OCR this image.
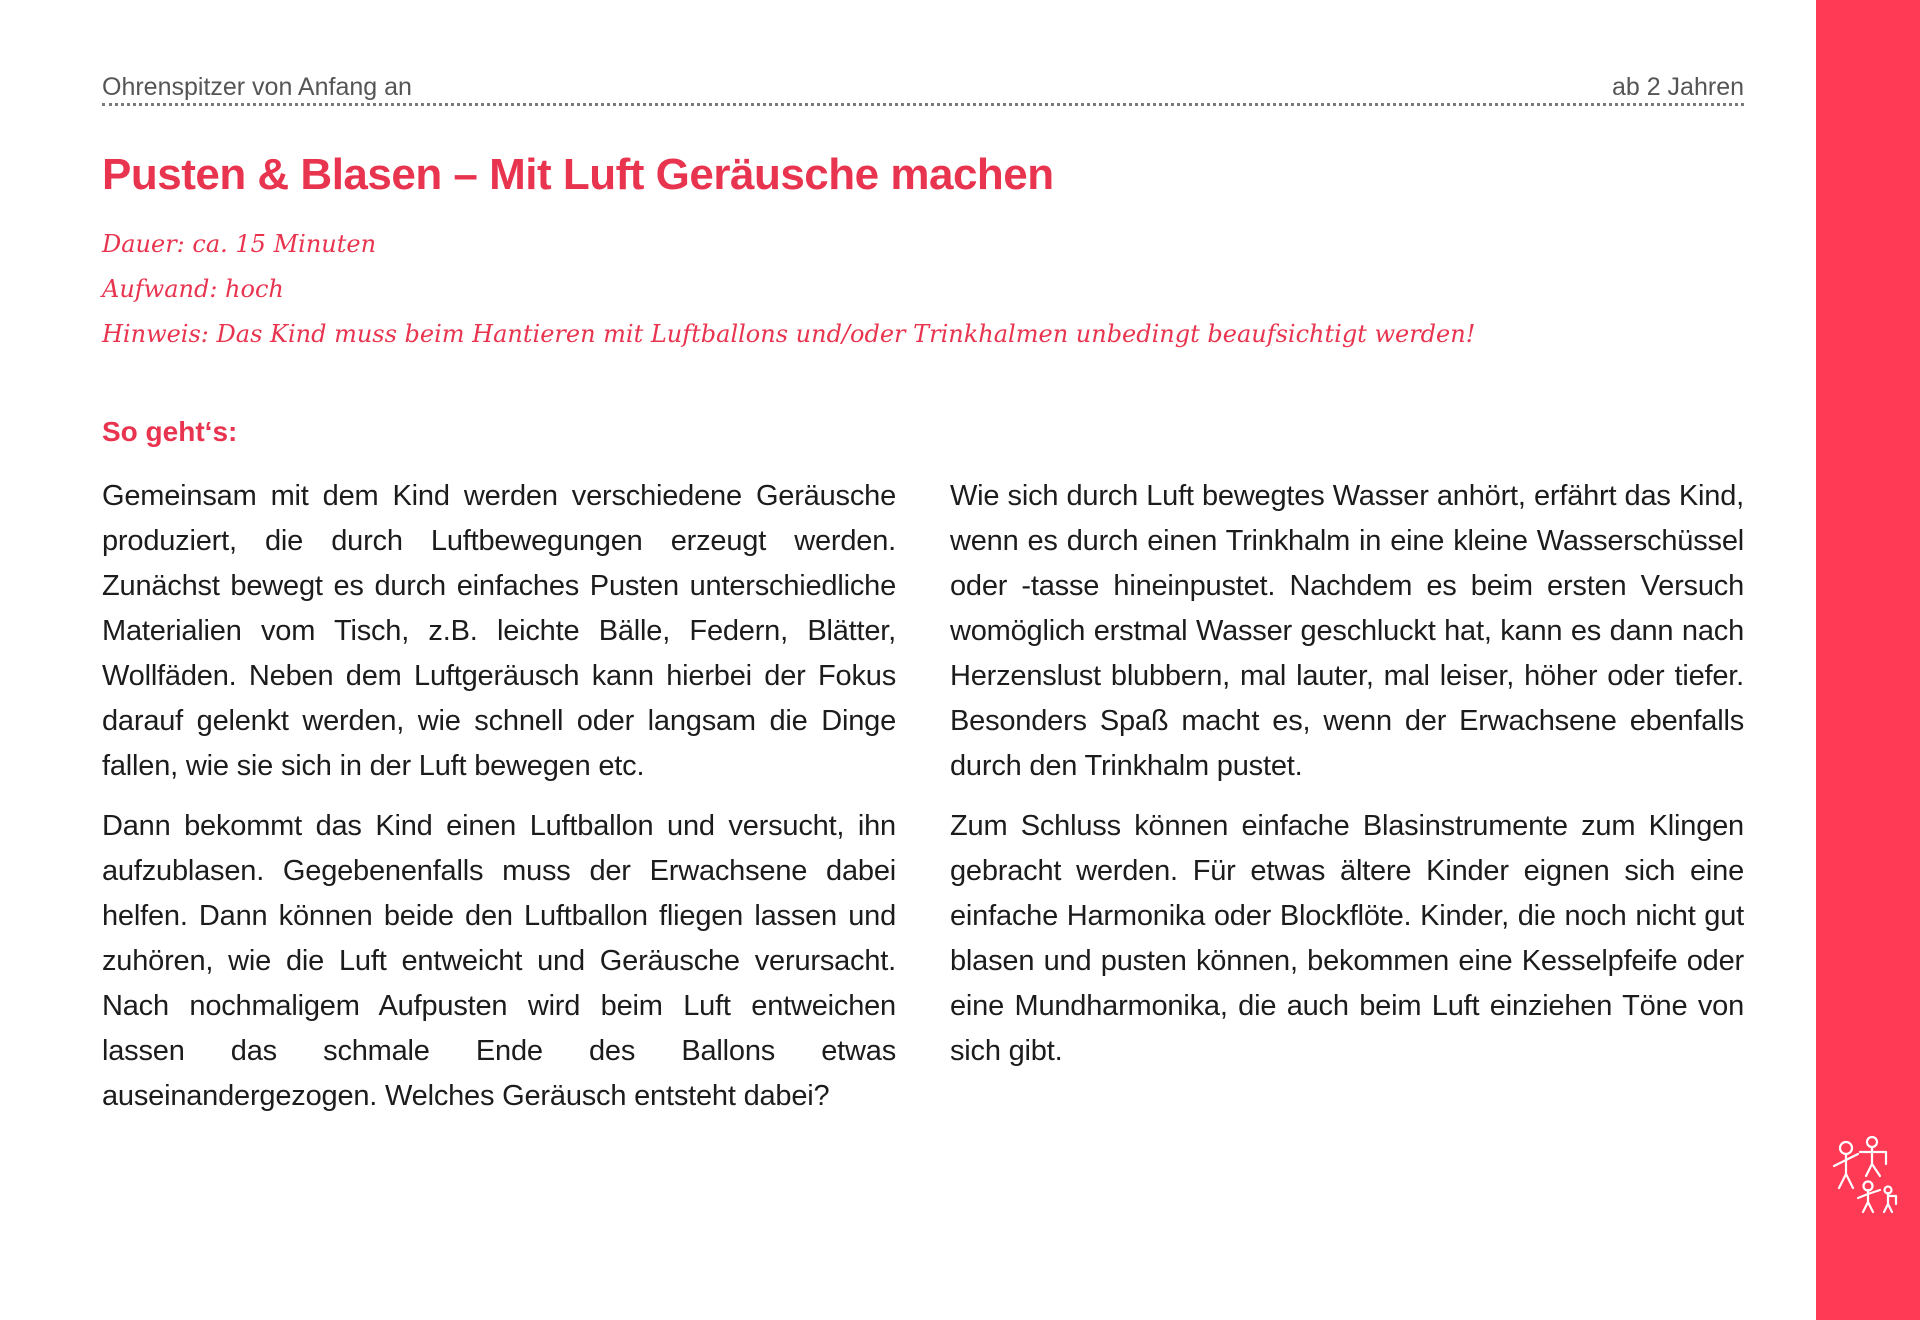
Ohrenspitzer von Anfang an	ab 2 Jahren
Pusten & Blasen – Mit Luft Geräusche machen
Dauer: ca. 15 Minuten
Aufwand: hoch
Hinweis: Das Kind muss beim Hantieren mit Luftballons und/oder Trinkhalmen unbedingt beaufsichtigt werden!
So geht‘s:

Gemeinsam mit dem Kind werden verschiedene Geräusche produziert, die durch Luftbewegungen erzeugt werden. Zunächst bewegt es durch einfaches Pusten unterschiedliche Materialien vom Tisch, z.B. leichte Bälle, Federn, Blätter, Wollfäden. Neben dem Luftgeräusch kann hierbei der Fokus darauf gelenkt werden, wie schnell oder langsam die Dinge fallen, wie sie sich in der Luft bewegen etc.

Dann bekommt das Kind einen Luftballon und versucht, ihn aufzublasen. Gegebenenfalls muss der Erwachsene dabei helfen. Dann können beide den Luftballon fliegen lassen und zuhören, wie die Luft entweicht und Geräusche verursacht. Nach nochmaligem Aufpusten wird beim Luft entweichen lassen das schmale Ende des Ballons etwas auseinandergezogen. Welches Geräusch entsteht dabei?

Wie sich durch Luft bewegtes Wasser anhört, erfährt das Kind, wenn es durch einen Trinkhalm in eine kleine Wasserschüssel oder -tasse hineinpustet. Nachdem es beim ersten Versuch womöglich erstmal Wasser geschluckt hat, kann es dann nach Herzenslust blubbern, mal lauter, mal leiser, höher oder tiefer. Besonders Spaß macht es, wenn der Erwachsene ebenfalls durch den Trinkhalm pustet.

Zum Schluss können einfache Blasinstrumente zum Klingen gebracht werden. Für etwas ältere Kinder eignen sich eine einfache Harmonika oder Blockflöte. Kinder, die noch nicht gut blasen und pusten können, bekommen eine Kesselpfeife oder eine Mundharmonika, die auch beim Luft einziehen Töne von sich gibt.
